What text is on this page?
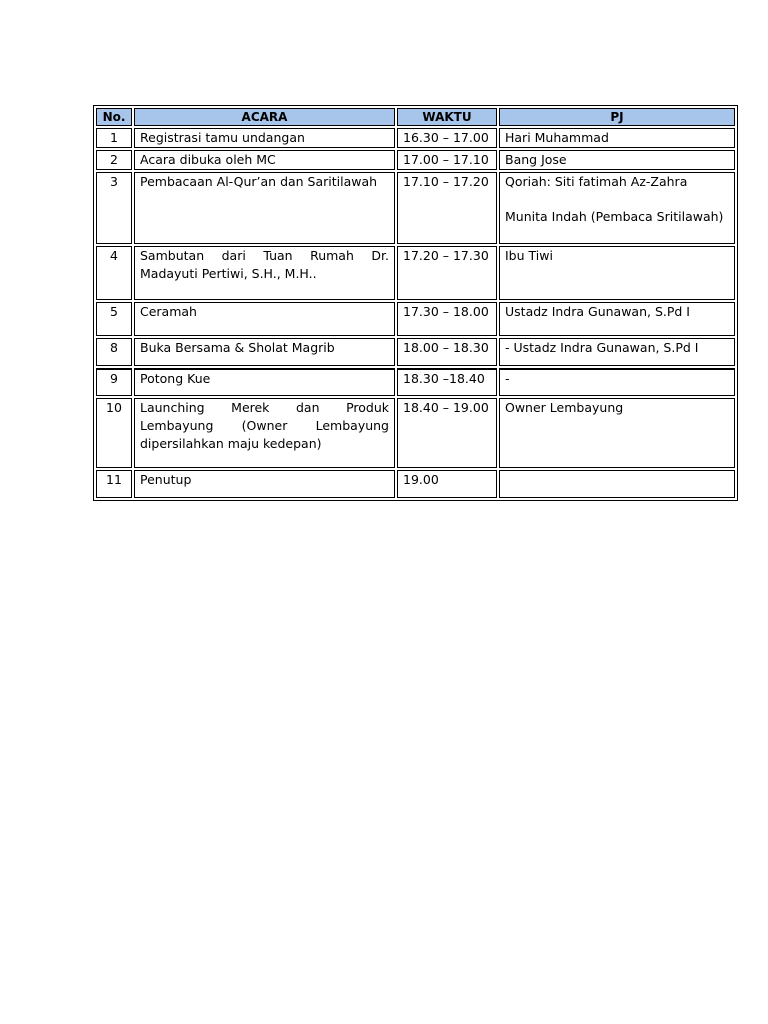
No.	ACARA	WAKTU	PJ
1	Registrasi tamu undangan	16.30 – 17.00	Hari Muhammad
2	Acara dibuka oleh MC	17.00 – 17.10	Bang Jose
3	Pembacaan Al-Qur’an dan Saritilawah	17.10 – 17.20	Qoriah: Siti fatimah Az-Zahra
Munita Indah (Pembaca Sritilawah)

4	Sambutan dari Tuan Rumah Dr. Madayuti Pertiwi, S.H., M.H..	17.20 – 17.30	Ibu Tiwi
5	Ceramah	17.30 – 18.00	Ustadz Indra Gunawan, S.Pd I
8	Buka Bersama & Sholat Magrib	18.00 – 18.30	- Ustadz Indra Gunawan, S.Pd I
9	Potong Kue	18.30 –18.40	-
10	Launching Merek dan Produk Lembayung (Owner Lembayung dipersilahkan maju kedepan)	18.40 – 19.00	Owner Lembayung
11	Penutup	19.00	
